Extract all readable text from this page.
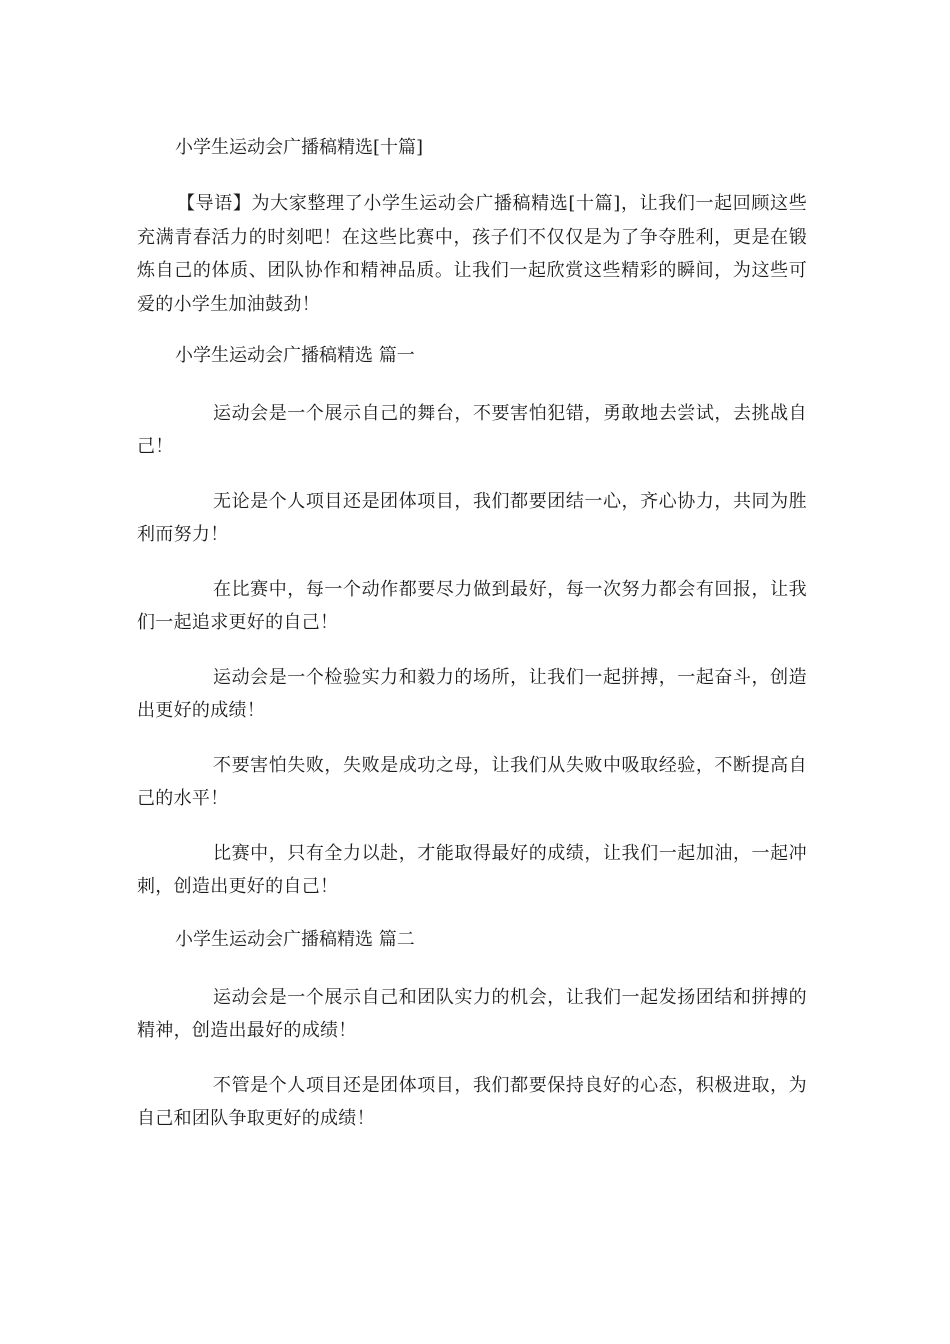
小学生运动会广播稿精选[十篇]
【导语】为大家整理了小学生运动会广播稿精选[十篇]，让我们一起回顾这些充满青春活力的时刻吧！在这些比赛中，孩子们不仅仅是为了争夺胜利，更是在锻炼自己的体质、团队协作和精神品质。让我们一起欣赏这些精彩的瞬间，为这些可爱的小学生加油鼓劲！
小学生运动会广播稿精选 篇一
运动会是一个展示自己的舞台，不要害怕犯错，勇敢地去尝试，去挑战自己！
无论是个人项目还是团体项目，我们都要团结一心，齐心协力，共同为胜利而努力！
在比赛中，每一个动作都要尽力做到最好，每一次努力都会有回报，让我们一起追求更好的自己！
运动会是一个检验实力和毅力的场所，让我们一起拼搏，一起奋斗，创造出更好的成绩！
不要害怕失败，失败是成功之母，让我们从失败中吸取经验，不断提高自己的水平！
比赛中，只有全力以赴，才能取得最好的成绩，让我们一起加油，一起冲刺，创造出更好的自己！
小学生运动会广播稿精选 篇二
运动会是一个展示自己和团队实力的机会，让我们一起发扬团结和拼搏的精神，创造出最好的成绩！
不管是个人项目还是团体项目，我们都要保持良好的心态，积极进取，为自己和团队争取更好的成绩！
